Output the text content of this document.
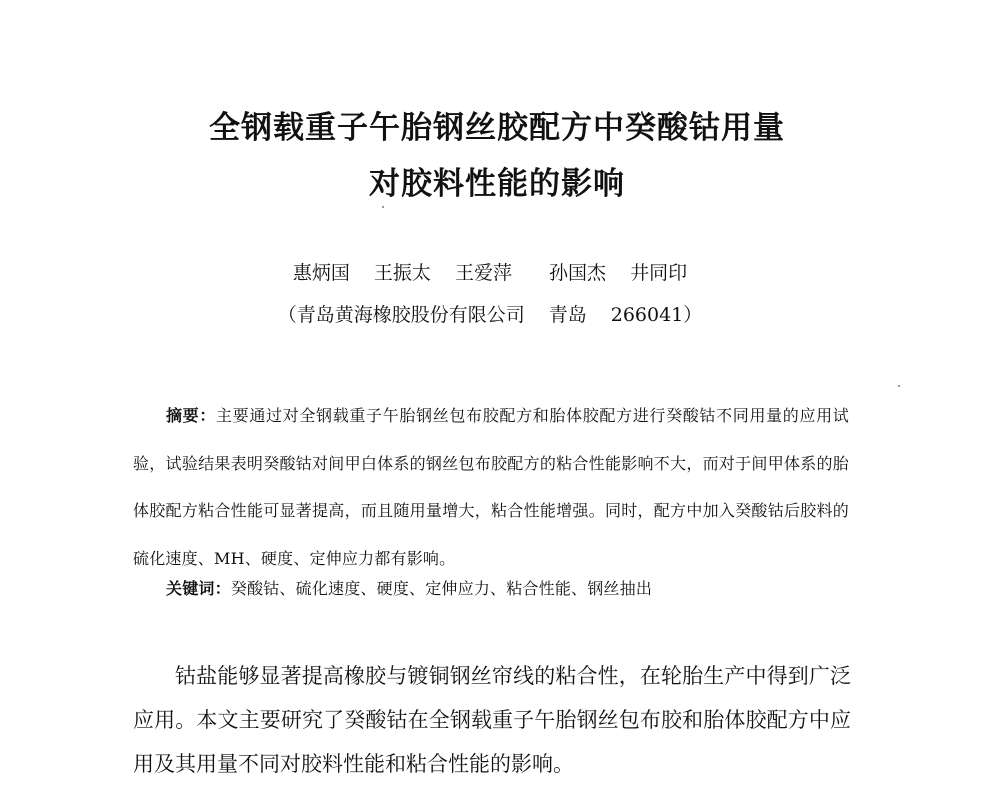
全钢载重子午胎钢丝胶配方中癸酸钴用量
对胶料性能的影响
惠炳国 王振太 王爱萍 孙国杰 井同印
（青岛黄海橡胶股份有限公司 青岛 266041）
摘要：主要通过对全钢载重子午胎钢丝包布胶配方和胎体胶配方进行癸酸钴不同用量的应用试验，试验结果表明癸酸钴对间甲白体系的钢丝包布胶配方的粘合性能影响不大，而对于间甲体系的胎体胶配方粘合性能可显著提高，而且随用量增大，粘合性能增强。同时，配方中加入癸酸钴后胶料的硫化速度、MH、硬度、定伸应力都有影响。
关键词：癸酸钴、硫化速度、硬度、定伸应力、粘合性能、钢丝抽出
钴盐能够显著提高橡胶与镀铜钢丝帘线的粘合性，在轮胎生产中得到广泛应用。本文主要研究了癸酸钴在全钢载重子午胎钢丝包布胶和胎体胶配方中应用及其用量不同对胶料性能和粘合性能的影响。
